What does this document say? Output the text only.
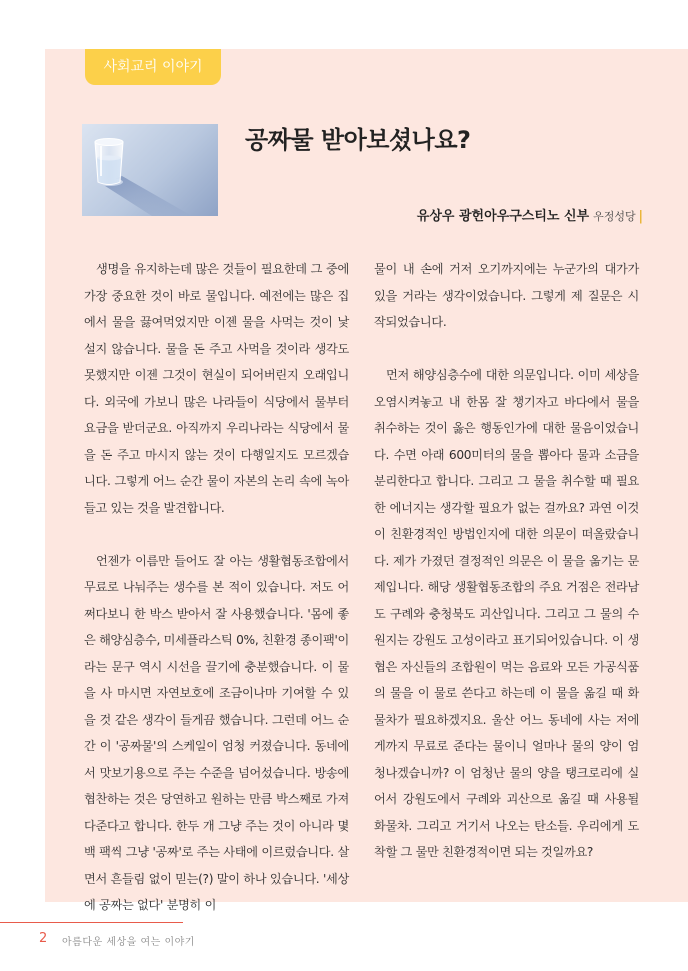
사회교리 이야기
공짜물 받아보셨나요?
유상우 광헌아우구스티노 신부 우정성당 |

생명을 유지하는데 많은 것들이 필요한데 그 중에 가장 중요한 것이 바로 물입니다. 예전에는 많은 집에서 물을 끓여먹었지만 이젠 물을 사먹는 것이 낯설지 않습니다. 물을 돈 주고 사먹을 것이라 생각도 못했지만 이젠 그것이 현실이 되어버린지 오래입니다. 외국에 가보니 많은 나라들이 식당에서 물부터 요금을 받더군요. 아직까지 우리나라는 식당에서 물을 돈 주고 마시지 않는 것이 다행일지도 모르겠습니다. 그렇게 어느 순간 물이 자본의 논리 속에 녹아들고 있는 것을 발견합니다.

언젠가 이름만 들어도 잘 아는 생활협동조합에서 무료로 나눠주는 생수를 본 적이 있습니다. 저도 어쩌다보니 한 박스 받아서 잘 사용했습니다. '몸에 좋은 해양심층수, 미세플라스틱 0%, 친환경 종이팩'이라는 문구 역시 시선을 끌기에 충분했습니다. 이 물을 사 마시면 자연보호에 조금이나마 기여할 수 있을 것 같은 생각이 들게끔 했습니다. 그런데 어느 순간 이 '공짜물'의 스케일이 엄청 커졌습니다. 동네에서 맛보기용으로 주는 수준을 넘어섰습니다. 방송에 협찬하는 것은 당연하고 원하는 만큼 박스째로 가져다준다고 합니다. 한두 개 그냥 주는 것이 아니라 몇백 팩씩 그냥 '공짜'로 주는 사태에 이르렀습니다. 살면서 흔들림 없이 믿는(?) 말이 하나 있습니다. '세상에 공짜는 없다' 분명히 이

물이 내 손에 거저 오기까지에는 누군가의 대가가 있을 거라는 생각이었습니다. 그렇게 제 질문은 시작되었습니다.

먼저 해양심층수에 대한 의문입니다. 이미 세상을 오염시켜놓고 내 한몸 잘 챙기자고 바다에서 물을 취수하는 것이 옳은 행동인가에 대한 물음이었습니다. 수면 아래 600미터의 물을 뽑아다 물과 소금을 분리한다고 합니다. 그리고 그 물을 취수할 때 필요한 에너지는 생각할 필요가 없는 걸까요? 과연 이것이 친환경적인 방법인지에 대한 의문이 떠올랐습니다. 제가 가졌던 결정적인 의문은 이 물을 옮기는 문제입니다. 해당 생활협동조합의 주요 거점은 전라남도 구례와 충청북도 괴산입니다. 그리고 그 물의 수원지는 강원도 고성이라고 표기되어있습니다. 이 생협은 자신들의 조합원이 먹는 음료와 모든 가공식품의 물을 이 물로 쓴다고 하는데 이 물을 옮길 때 화물차가 필요하겠지요. 울산 어느 동네에 사는 저에게까지 무료로 준다는 물이니 얼마나 물의 양이 엄청나겠습니까? 이 엄청난 물의 양을 탱크로리에 실어서 강원도에서 구례와 괴산으로 옮길 때 사용될 화물차. 그리고 거기서 나오는 탄소들. 우리에게 도착할 그 물만 친환경적이면 되는 것일까요?

2 아름다운 세상을 여는 이야기
